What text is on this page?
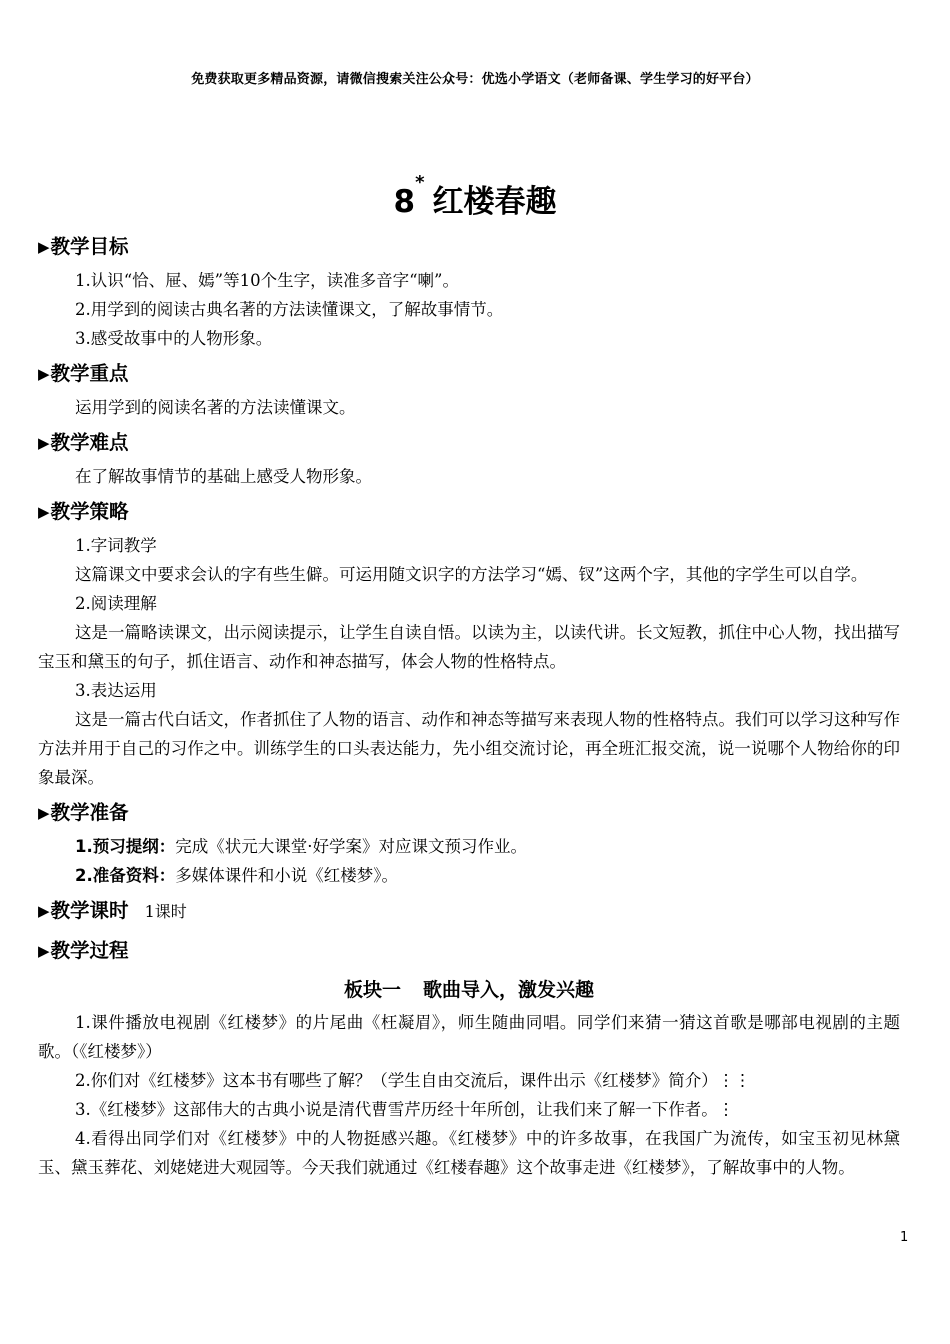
免费获取更多精品资源，请微信搜索关注公众号：优选小学语文（老师备课、学生学习的好平台）
8*红楼春趣
▶教学目标

1.认识“恰、屉、嫣”等10个生字，读准多音字“喇”。

2.用学到的阅读古典名著的方法读懂课文，了解故事情节。

3.感受故事中的人物形象。

▶教学重点

运用学到的阅读名著的方法读懂课文。

▶教学难点

在了解故事情节的基础上感受人物形象。

▶教学策略

1.字词教学

这篇课文中要求会认的字有些生僻。可运用随文识字的方法学习“嫣、钗”这两个字，其他的字学生可以自学。

2.阅读理解

这是一篇略读课文，出示阅读提示，让学生自读自悟。以读为主，以读代讲。长文短教，抓住中心人物，找出描写宝玉和黛玉的句子，抓住语言、动作和神态描写，体会人物的性格特点。

3.表达运用

这是一篇古代白话文，作者抓住了人物的语言、动作和神态等描写来表现人物的性格特点。我们可以学习这种写作方法并用于自己的习作之中。训练学生的口头表达能力，先小组交流讨论，再全班汇报交流，说一说哪个人物给你的印象最深。

▶教学准备

1.预习提纲：完成《状元大课堂·好学案》对应课文预习作业。

2.准备资料：多媒体课件和小说《红楼梦》。

▶教学课时 1课时
▶教学过程
板块一 歌曲导入，激发兴趣

1.课件播放电视剧《红楼梦》的片尾曲《枉凝眉》，师生随曲同唱。同学们来猜一猜这首歌是哪部电视剧的主题歌。（《红楼梦》）

2.你们对《红楼梦》这本书有哪些了解？（学生自由交流后，课件出示《红楼梦》简介）⋮⋮

3.《红楼梦》这部伟大的古典小说是清代曹雪芹历经十年所创，让我们来了解一下作者。⋮

4.看得出同学们对《红楼梦》中的人物挺感兴趣。《红楼梦》中的许多故事，在我国广为流传，如宝玉初见林黛玉、黛玉葬花、刘姥姥进大观园等。今天我们就通过《红楼春趣》这个故事走进《红楼梦》，了解故事中的人物。

1
